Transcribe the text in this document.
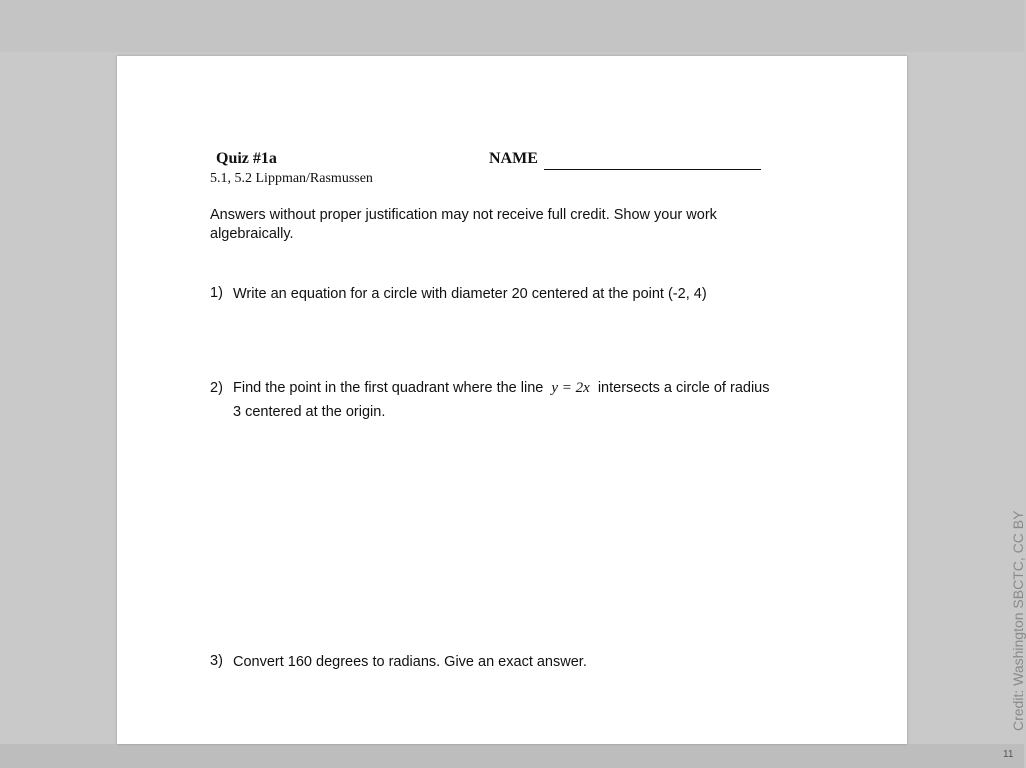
Quiz #1a	NAME
5.1, 5.2 Lippman/Rasmussen
Answers without proper justification may not receive full credit. Show your work algebraically.
1) Write an equation for a circle with diameter 20 centered at the point (-2, 4)
2) Find the point in the first quadrant where the line y = 2x intersects a circle of radius
3 centered at the origin.
3) Convert 160 degrees to radians. Give an exact answer.	Credit: Washington SBCTC, CC BY
11
